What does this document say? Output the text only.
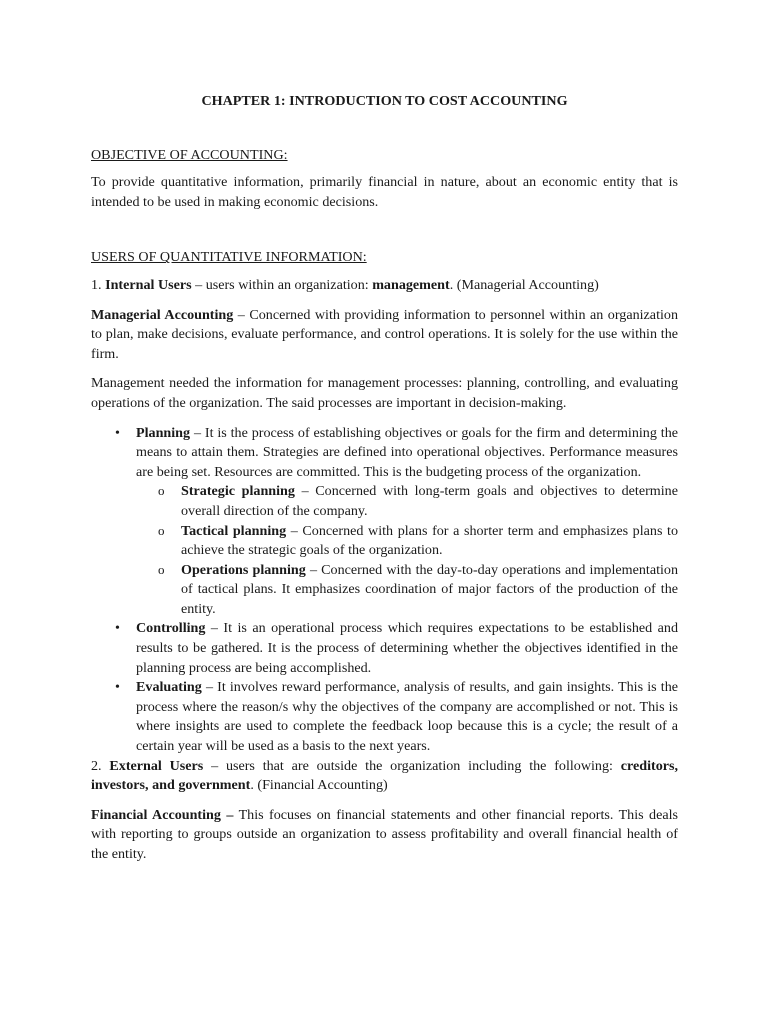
CHAPTER 1: INTRODUCTION TO COST ACCOUNTING

OBJECTIVE OF ACCOUNTING:

To provide quantitative information, primarily financial in nature, about an economic entity that is intended to be used in making economic decisions.

USERS OF QUANTITATIVE INFORMATION:

1. Internal Users – users within an organization: management. (Managerial Accounting)

Managerial Accounting – Concerned with providing information to personnel within an organization to plan, make decisions, evaluate performance, and control operations. It is solely for the use within the firm.

Management needed the information for management processes: planning, controlling, and evaluating operations of the organization. The said processes are important in decision-making.

• Planning – It is the process of establishing objectives or goals for the firm and determining the means to attain them. Strategies are defined into operational objectives. Performance measures are being set. Resources are committed. This is the budgeting process of the organization.
o Strategic planning – Concerned with long-term goals and objectives to determine overall direction of the company.
o Tactical planning – Concerned with plans for a shorter term and emphasizes plans to achieve the strategic goals of the organization.
o Operations planning – Concerned with the day-to-day operations and implementation of tactical plans. It emphasizes coordination of major factors of the production of the entity.
• Controlling – It is an operational process which requires expectations to be established and results to be gathered. It is the process of determining whether the objectives identified in the planning process are being accomplished.
• Evaluating – It involves reward performance, analysis of results, and gain insights. This is the process where the reason/s why the objectives of the company are accomplished or not. This is where insights are used to complete the feedback loop because this is a cycle; the result of a certain year will be used as a basis to the next years.

2. External Users – users that are outside the organization including the following: creditors, investors, and government. (Financial Accounting)

Financial Accounting – This focuses on financial statements and other financial reports. This deals with reporting to groups outside an organization to assess profitability and overall financial health of the entity.
